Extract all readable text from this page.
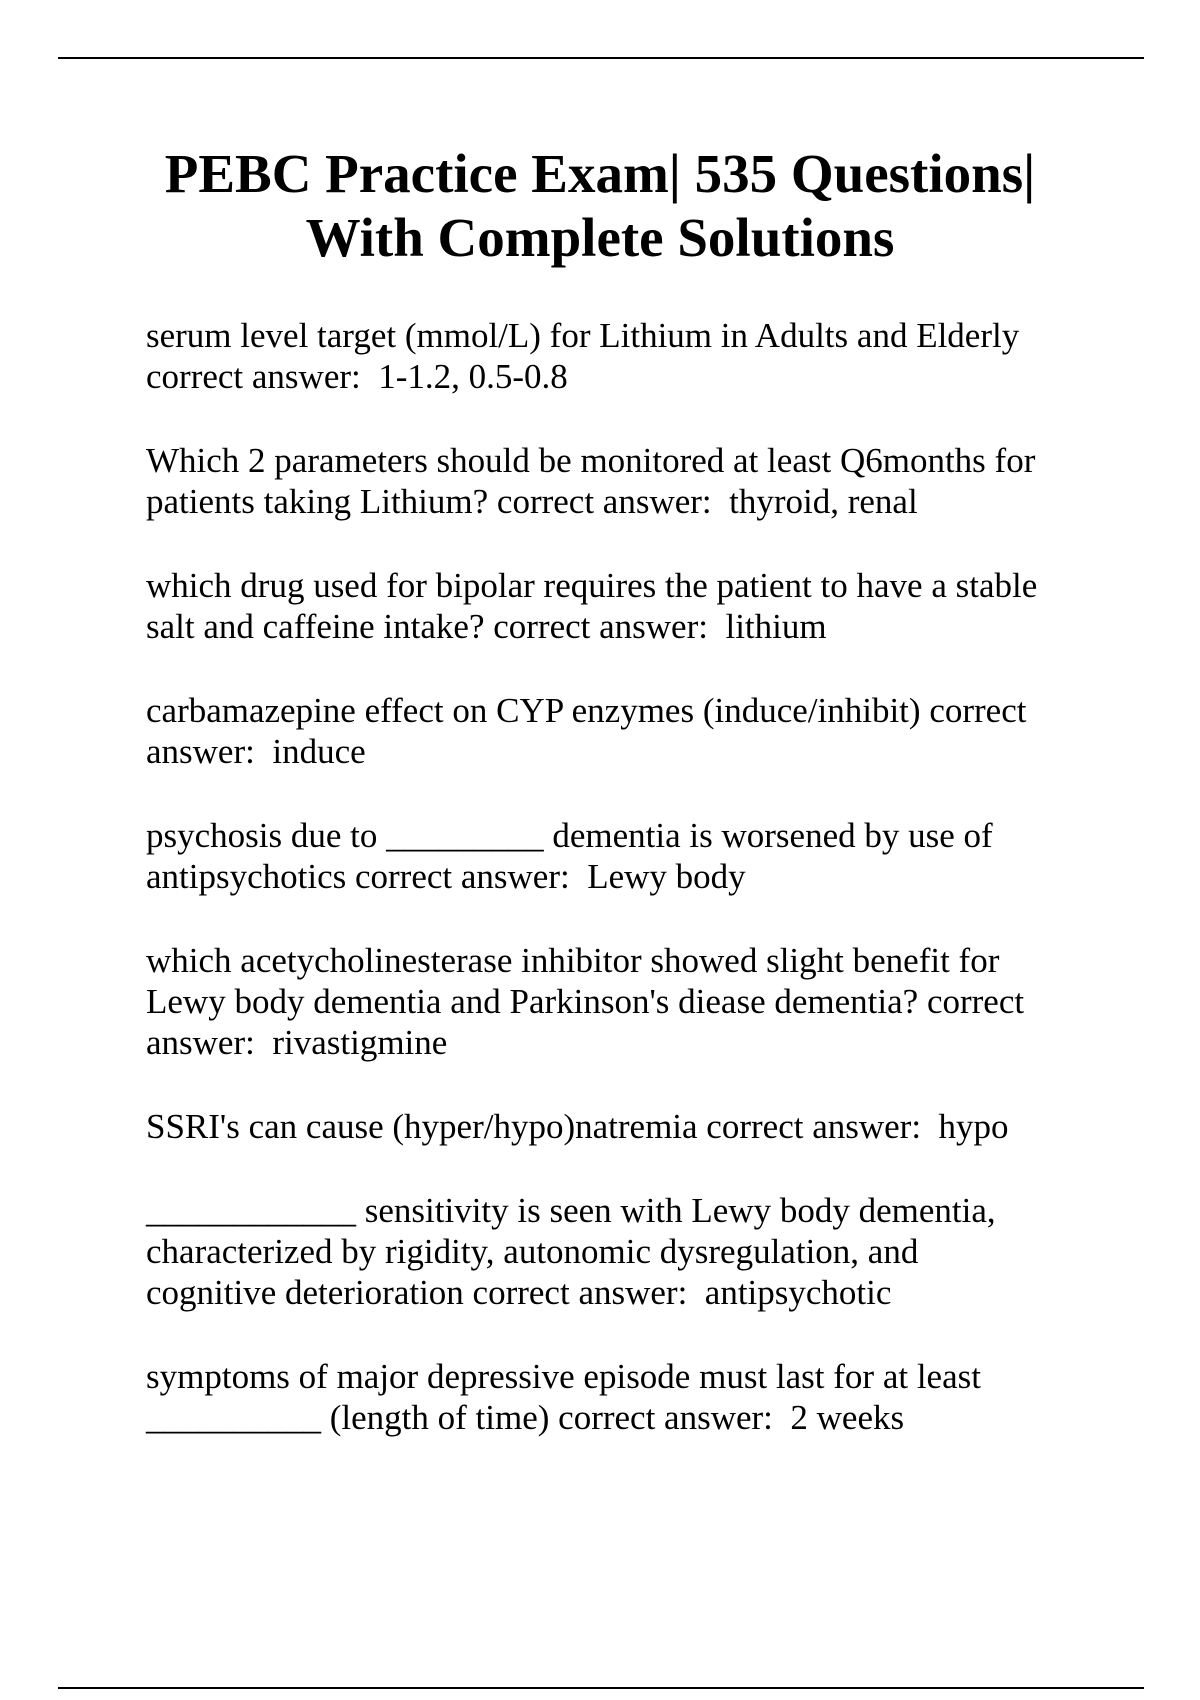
PEBC Practice Exam| 535 Questions|
With Complete Solutions
serum level target (mmol/L) for Lithium in Adults and Elderly
correct answer:  1-1.2, 0.5-0.8
Which 2 parameters should be monitored at least Q6months for
patients taking Lithium? correct answer:  thyroid, renal
which drug used for bipolar requires the patient to have a stable
salt and caffeine intake? correct answer:  lithium
carbamazepine effect on CYP enzymes (induce/inhibit) correct
answer:  induce
psychosis due to _________ dementia is worsened by use of
antipsychotics correct answer:  Lewy body
which acetycholinesterase inhibitor showed slight benefit for
Lewy body dementia and Parkinson's diease dementia? correct
answer:  rivastigmine
SSRI's can cause (hyper/hypo)natremia correct answer:  hypo
____________ sensitivity is seen with Lewy body dementia,
characterized by rigidity, autonomic dysregulation, and
cognitive deterioration correct answer:  antipsychotic
symptoms of major depressive episode must last for at least
__________ (length of time) correct answer:  2 weeks
